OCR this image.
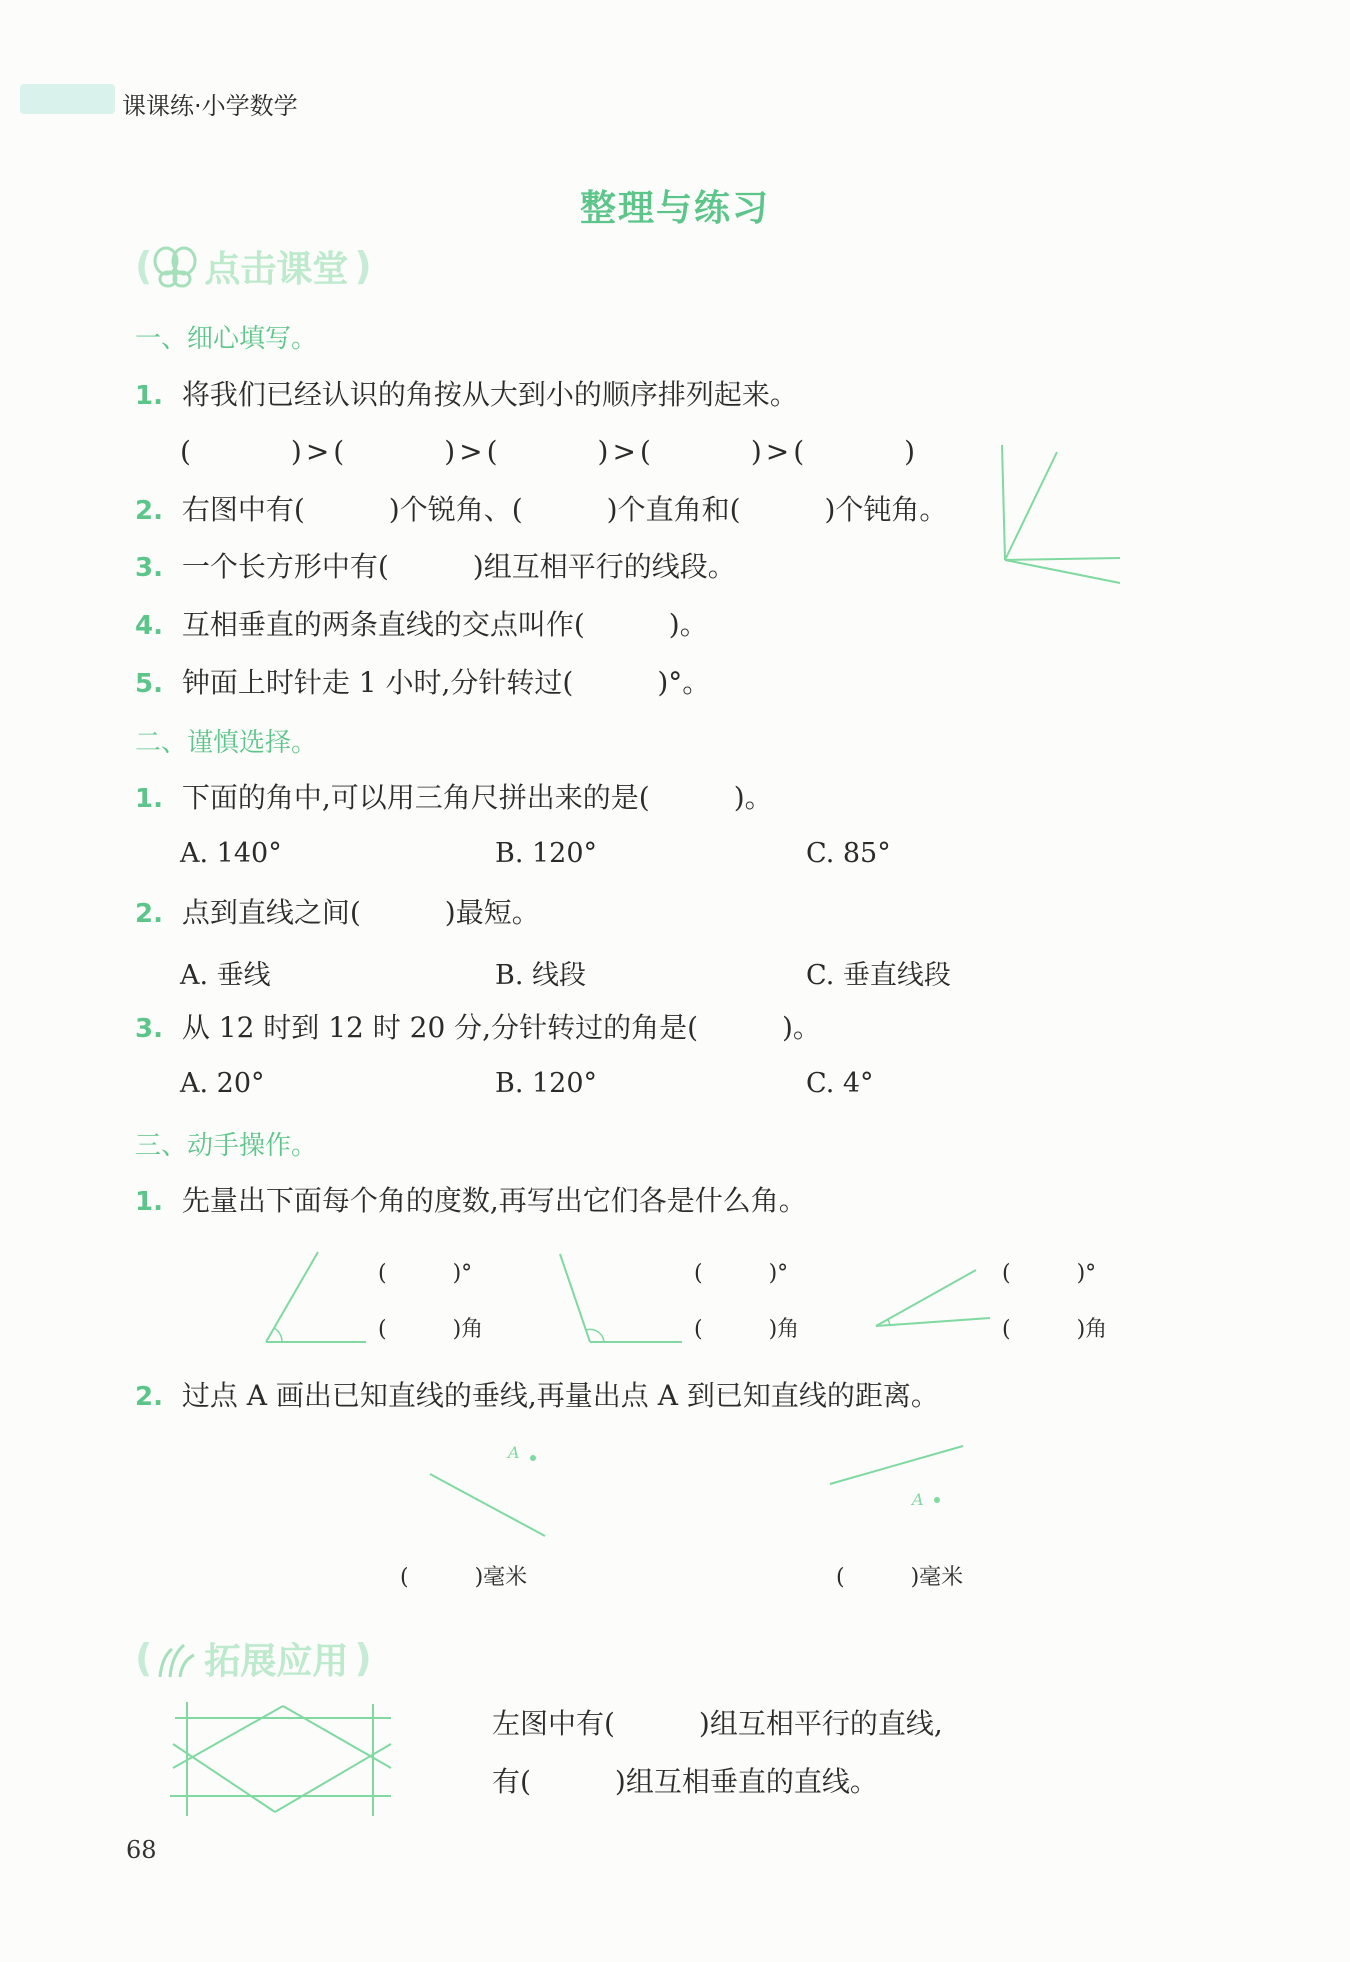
课课练·小学数学
整理与练习
( 点击课堂 )
一、细心填写。
1. 将我们已经认识的角按从大到小的顺序排列起来。
(　　　)>(　　　)>(　　　)>(　　　)>(　　　)
2. 右图中有(　　　)个锐角、(　　　)个直角和(　　　)个钝角。
3. 一个长方形中有(　　　)组互相平行的线段。
4. 互相垂直的两条直线的交点叫作(　　　)。
5. 钟面上时针走 1 小时,分针转过(　　　)°。
二、谨慎选择。
1. 下面的角中,可以用三角尺拼出来的是(　　　)。
A. 140°	B. 120°	C. 85°
2. 点到直线之间(　　　)最短。
A. 垂线	B. 线段	C. 垂直线段
3. 从 12 时到 12 时 20 分,分针转过的角是(　　　)。
A. 20°	B. 120°	C. 4°
三、动手操作。
1. 先量出下面每个角的度数,再写出它们各是什么角。
(　　　)°
(　　　)角
(　　　)°
(　　　)角
(　　　)°
(　　　)角
2. 过点 A 画出已知直线的垂线,再量出点 A 到已知直线的距离。
A
(　　　)毫米
A
(　　　)毫米
( 拓展应用 )
左图中有(　　　)组互相平行的直线,
有(　　　)组互相垂直的直线。
68
